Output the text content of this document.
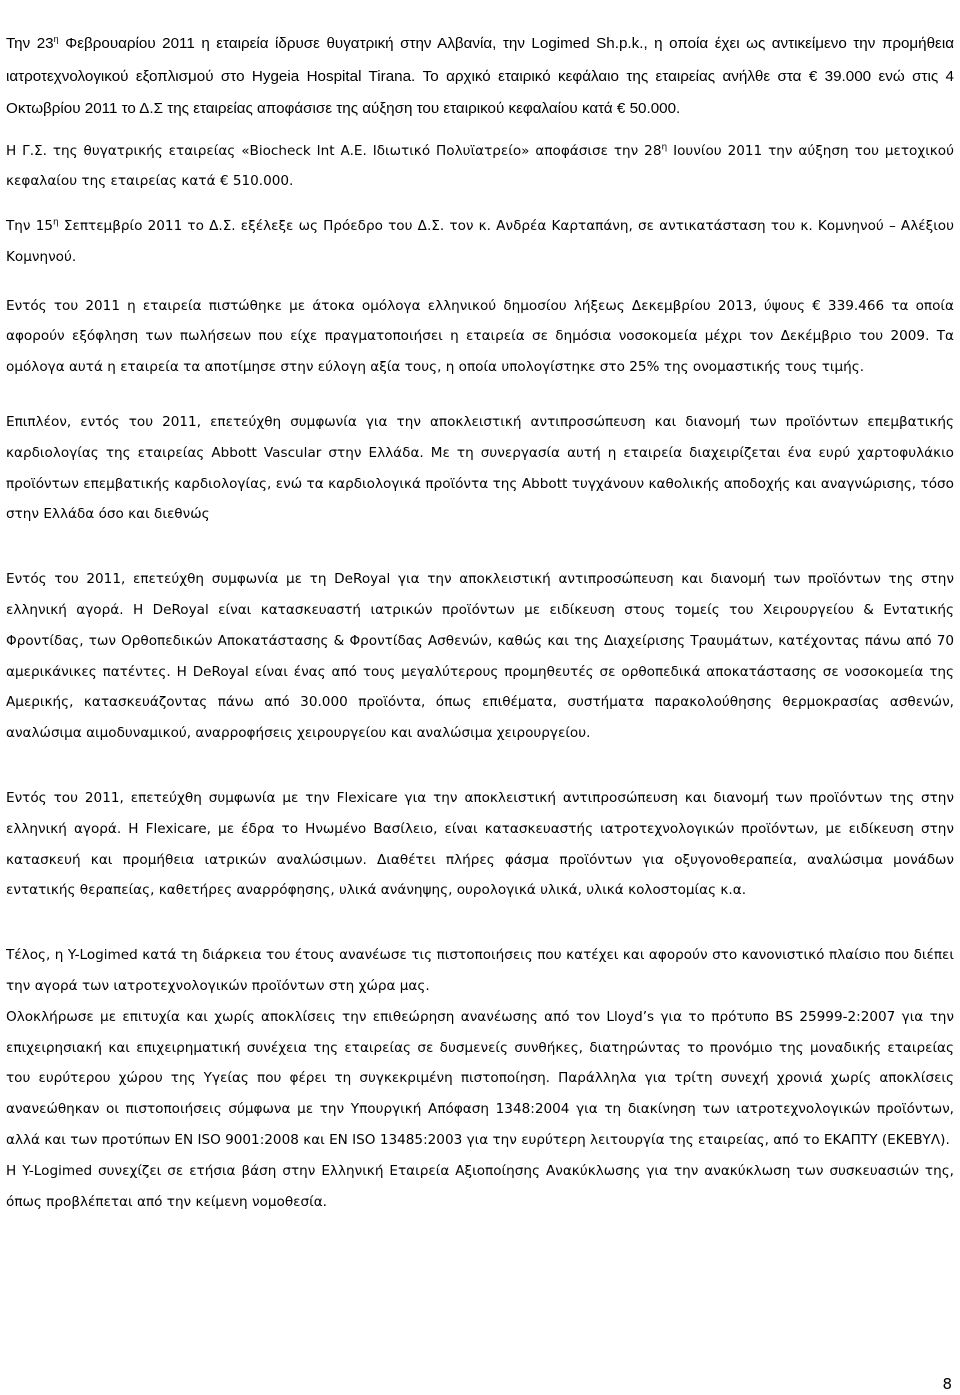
Την $23^\eta$ Φεβρουαρίου 2011 η εταιρεία ίδρυσε θυγατρική στην Αλβανία, την Logimed Sh.p.k., η οποία έχει ως αντικείμενο την προμήθεια ιατροτεχνολογικού εξοπλισμού στο Hygeia Hospital Tirana. Το αρχικό εταιρικό κεφάλαιο της εταιρείας ανήλθε στα € 39.000 ενώ στις 4 Οκτωβρίου 2011 το Δ.Σ της εταιρείας αποφάσισε της αύξηση του εταιρικού κεφαλαίου κατά € 50.000.

Η Γ.Σ. της θυγατρικής εταιρείας «Biocheck Int A.E. Ιδιωτικό Πολυϊατρείο» αποφάσισε την $28^\eta$ Ιουνίου 2011 την αύξηση του μετοχικού κεφαλαίου της εταιρείας κατά € 510.000.

Την $15^\eta$ Σεπτεμβρίο 2011 το Δ.Σ. εξέλεξε ως Πρόεδρο του Δ.Σ. τον κ. Ανδρέα Καρταπάνη, σε αντικατάσταση του κ. Κομνηνού – Αλέξιου Κομνηνού.

Εντός του 2011 η εταιρεία πιστώθηκε με άτοκα ομόλογα ελληνικού δημοσίου λήξεως Δεκεμβρίου 2013, ύψους € 339.466 τα οποία αφορούν εξόφληση των πωλήσεων που είχε πραγματοποιήσει η εταιρεία σε δημόσια νοσοκομεία μέχρι τον Δεκέμβριο του 2009. Τα ομόλογα αυτά η εταιρεία τα αποτίμησε στην εύλογη αξία τους, η οποία υπολογίστηκε στο 25% της ονομαστικής τους τιμής.

Επιπλέον, εντός του 2011, επετεύχθη συμφωνία για την αποκλειστική αντιπροσώπευση και διανομή των προϊόντων επεμβατικής καρδιολογίας της εταιρείας Abbott Vascular στην Ελλάδα. Με τη συνεργασία αυτή η εταιρεία διαχειρίζεται ένα ευρύ χαρτοφυλάκιο προϊόντων επεμβατικής καρδιολογίας, ενώ τα καρδιολογικά προϊόντα της Abbott τυγχάνουν καθολικής αποδοχής και αναγνώρισης, τόσο στην Ελλάδα όσο και διεθνώς

Εντός του 2011, επετεύχθη συμφωνία με τη DeRoyal για την αποκλειστική αντιπροσώπευση και διανομή των προϊόντων της στην ελληνική αγορά. Η DeRoyal είναι κατασκευαστή ιατρικών προϊόντων με ειδίκευση στους τομείς του Χειρουργείου & Εντατικής Φροντίδας, των Ορθοπεδικών Αποκατάστασης & Φροντίδας Ασθενών, καθώς και της Διαχείρισης Τραυμάτων, κατέχοντας πάνω από 70 αμερικάνικες πατέντες. Η DeRoyal είναι ένας από τους μεγαλύτερους προμηθευτές σε ορθοπεδικά αποκατάστασης σε νοσοκομεία της Αμερικής, κατασκευάζοντας πάνω από 30.000 προϊόντα, όπως επιθέματα, συστήματα παρακολούθησης θερμοκρασίας ασθενών, αναλώσιμα αιμοδυναμικού, αναρροφήσεις χειρουργείου και αναλώσιμα χειρουργείου.

Εντός του 2011, επετεύχθη συμφωνία με την Flexicare για την αποκλειστική αντιπροσώπευση και διανομή των προϊόντων της στην ελληνική αγορά. Η Flexicare, με έδρα το Ηνωμένο Βασίλειο, είναι κατασκευαστής ιατροτεχνολογικών προϊόντων, με ειδίκευση στην κατασκευή και προμήθεια ιατρικών αναλώσιμων. Διαθέτει πλήρες φάσμα προϊόντων για οξυγονοθεραπεία, αναλώσιμα μονάδων εντατικής θεραπείας, καθετήρες αναρρόφησης, υλικά ανάνηψης, ουρολογικά υλικά, υλικά κολοστομίας κ.α.

Τέλος, η Y-Logimed κατά τη διάρκεια του έτους ανανέωσε τις πιστοποιήσεις που κατέχει και αφορούν στο κανονιστικό πλαίσιο που διέπει την αγορά των ιατροτεχνολογικών προϊόντων στη χώρα μας.

Ολοκλήρωσε με επιτυχία και χωρίς αποκλίσεις την επιθεώρηση ανανέωσης από τον Lloyd’s για το πρότυπο BS 25999-2:2007 για την επιχειρησιακή και επιχειρηματική συνέχεια της εταιρείας σε δυσμενείς συνθήκες, διατηρώντας το προνόμιο της μοναδικής εταιρείας του ευρύτερου χώρου της Υγείας που φέρει τη συγκεκριμένη πιστοποίηση. Παράλληλα για τρίτη συνεχή χρονιά χωρίς αποκλίσεις ανανεώθηκαν οι πιστοποιήσεις σύμφωνα με την Υπουργική Απόφαση 1348:2004 για τη διακίνηση των ιατροτεχνολογικών προϊόντων, αλλά και των προτύπων EN ISO 9001:2008 και EN ISO 13485:2003 για την ευρύτερη λειτουργία της εταιρείας, από το ΕΚΑΠΤΥ (ΕΚΕΒΥΛ).

Η Y-Logimed συνεχίζει σε ετήσια βάση στην Ελληνική Εταιρεία Αξιοποίησης Ανακύκλωσης για την ανακύκλωση των συσκευασιών της, όπως προβλέπεται από την κείμενη νομοθεσία.

8
